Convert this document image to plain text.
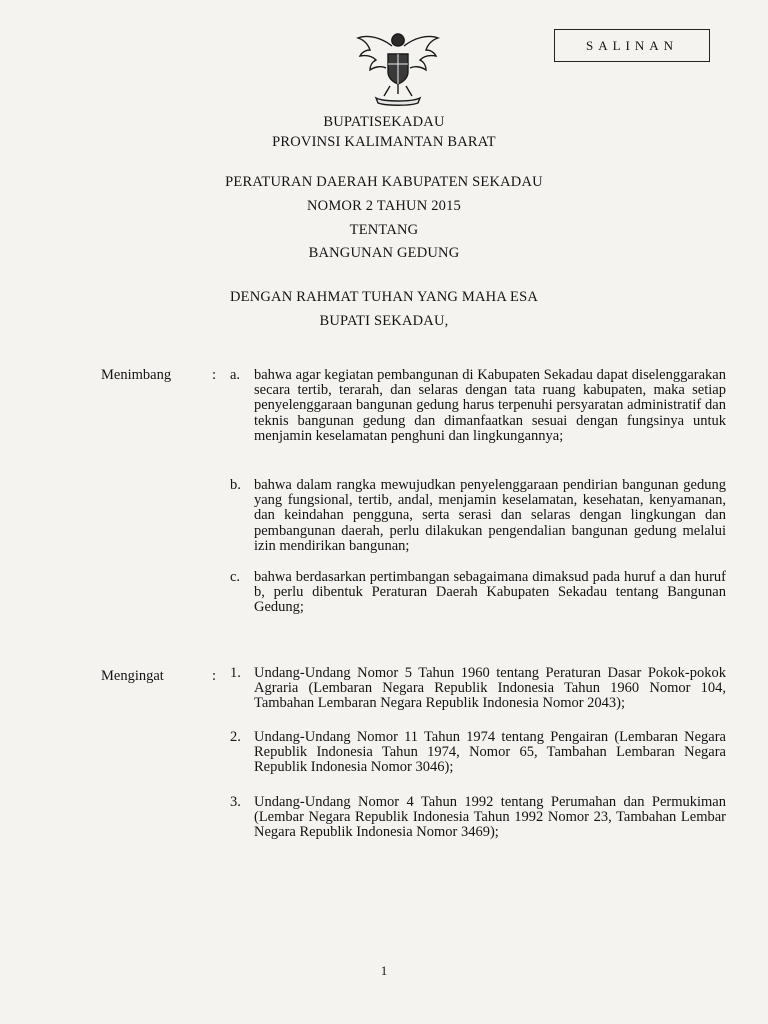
SALINAN
BUPATISEKADAU
PROVINSI KALIMANTAN BARAT
PERATURAN DAERAH KABUPATEN SEKADAU
NOMOR 2 TAHUN 2015
TENTANG
BANGUNAN GEDUNG
DENGAN RAHMAT TUHAN YANG MAHA ESA
BUPATI SEKADAU,
Menimbang	: a. bahwa agar kegiatan pembangunan di Kabupaten Sekadau dapat diselenggarakan secara tertib, terarah, dan selaras dengan tata ruang kabupaten, maka setiap penyelenggaraan bangunan gedung harus terpenuhi persyaratan administratif dan teknis bangunan gedung dan dimanfaatkan sesuai dengan fungsinya untuk menjamin keselamatan penghuni dan lingkungannya;
b. bahwa dalam rangka mewujudkan penyelenggaraan pendirian bangunan gedung yang fungsional, tertib, andal, menjamin keselamatan, kesehatan, kenyamanan, dan keindahan pengguna, serta serasi dan selaras dengan lingkungan dan pembangunan daerah, perlu dilakukan pengendalian bangunan gedung melalui izin mendirikan bangunan;
c. bahwa berdasarkan pertimbangan sebagaimana dimaksud pada huruf a dan huruf b, perlu dibentuk Peraturan Daerah Kabupaten Sekadau tentang Bangunan Gedung;
Mengingat	: 1. Undang-Undang Nomor 5 Tahun 1960 tentang Peraturan Dasar Pokok-pokok Agraria (Lembaran Negara Republik Indonesia Tahun 1960 Nomor 104, Tambahan Lembaran Negara Republik Indonesia Nomor 2043);
2. Undang-Undang Nomor 11 Tahun 1974 tentang Pengairan (Lembaran Negara Republik Indonesia Tahun 1974, Nomor 65, Tambahan Lembaran Negara Republik Indonesia Nomor 3046);
3. Undang-Undang Nomor 4 Tahun 1992 tentang Perumahan dan Permukiman (Lembar Negara Republik Indonesia Tahun 1992 Nomor 23, Tambahan Lembar Negara Republik Indonesia Nomor 3469);
1
